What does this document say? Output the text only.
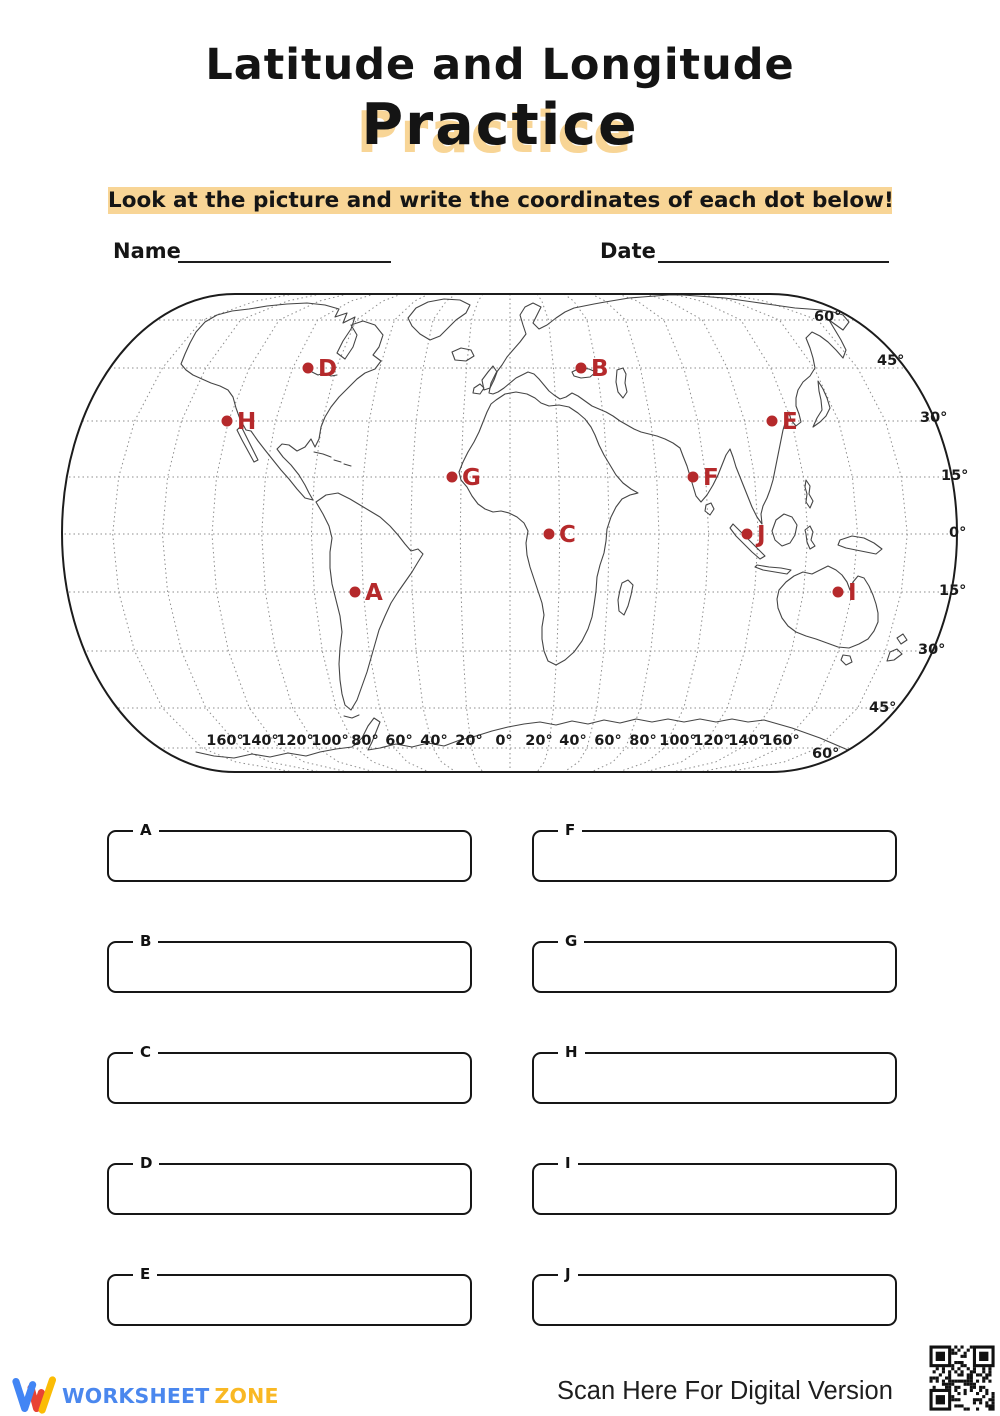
Latitude and Longitude
Practice
Look at the picture and write the coordinates of each dot below!
Name	Date
60°
45°
30°
15°
0°
15°
30°
45°
60°
160°
140°
120°
100° 80° 60° 40° 20° 0° 20° 40° 60° 80° 100°
120°
140°
160°
A
B
C
D
E
F
G
H
I
J
A
B
C
D
E
F
G
H
I
J
WORKSHEET ZONE	Scan Here For Digital Version
